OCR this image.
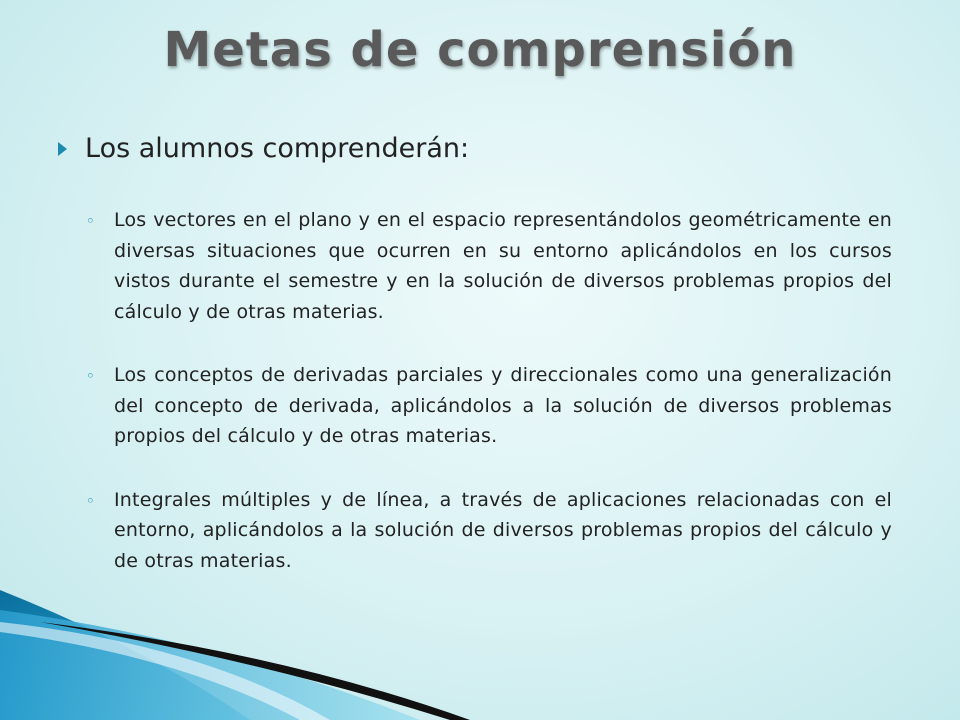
Metas de comprensión
Los alumnos comprenderán:
◦ Los vectores en el plano y en el espacio representándolos geométricamente en diversas situaciones que ocurren en su entorno aplicándolos en los cursos vistos durante el semestre y en la solución de diversos problemas propios del cálculo y de otras materias.
◦ Los conceptos de derivadas parciales y direccionales como una generalización del concepto de derivada, aplicándolos a la solución de diversos problemas propios del cálculo y de otras materias.
◦ Integrales múltiples y de línea, a través de aplicaciones relacionadas con el entorno, aplicándolos a la solución de diversos problemas propios del cálculo y de otras materias.
